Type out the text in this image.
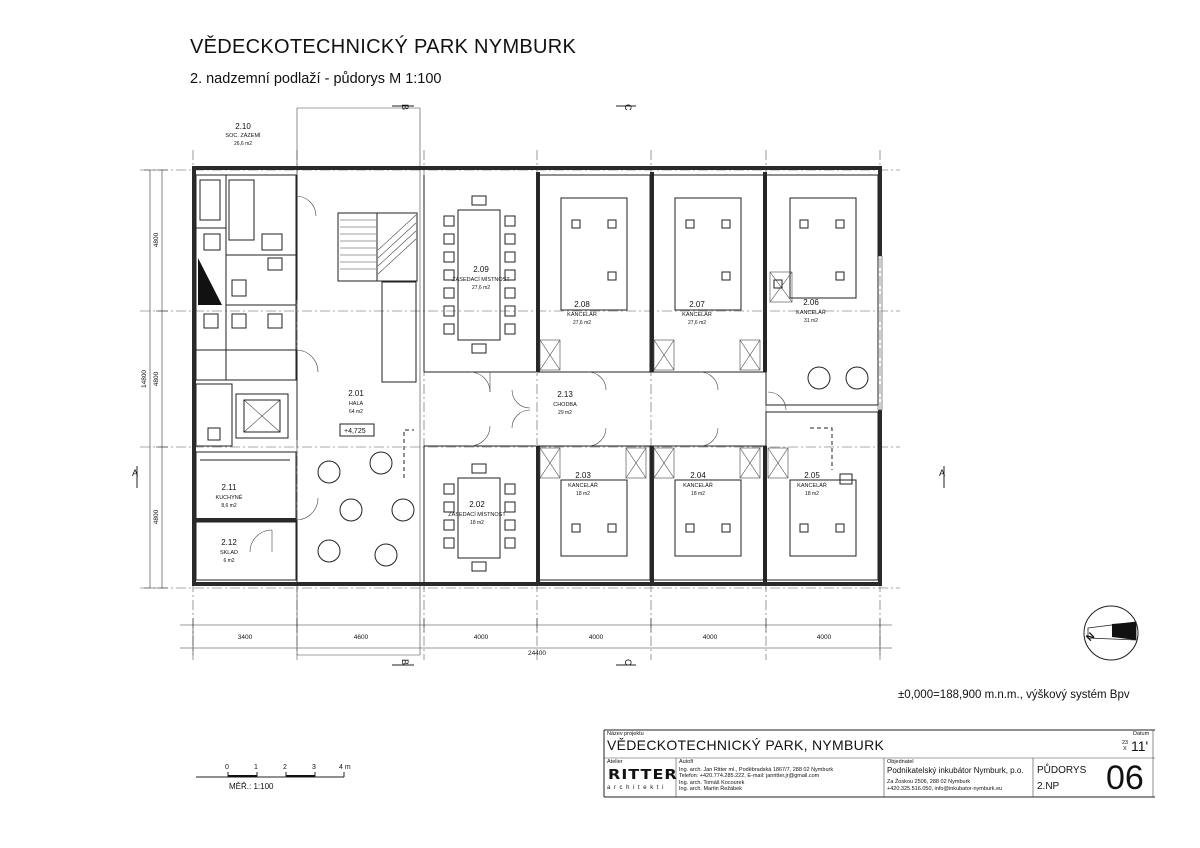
+4,725
2.10
SOC. ZÁZEMÍ
26,6 m2
2.09
ZASEDACÍ MÍSTNOST
27,6 m2
2.08
KANCELÁŘ
27,6 m2
2.07
KANCELÁŘ
27,6 m2
2.06
KANCELÁŘ
31 m2
2.01
HALA
64 m2
2.13
CHODBA
29 m2
2.11
KUCHYNĚ
8,6 m2	2.02
ZASEDACÍ MÍSTNOST
18 m2
2.03
KANCELÁŘ
18 m2
2.04
KANCELÁŘ
18 m2
2.05
KANCELÁŘ
18 m2
2.12
SKLAD
6 m2
3400	4600	4000	4000	4000	4000
24400
4800
4800
4800
14800
A	A
B
B
C
C
N
VĚDECKOTECHNICKÝ PARK NYMBURK
2. nadzemní podlaží - půdorys M 1:100
±0,000=188,900 m.n.m., výškový systém Bpv
0	1	2	3	4 m
MĚŘ.: 1:100
Název projektu
VĚDECKOTECHNICKÝ PARK, NYMBURK
Datum
23
X 11'
Atelier	Autoři	Objednatel
RITTER
architekti
Ing. arch. Jan Ritter ml., Poděbradská 1867/7, 288 02 Nymburk
Telefon: +420.774.285.222, E-mail: janritter.jr@gmail.com
Ing. arch. Tomáš Kocourek
Ing. arch. Martin Řežábek
Podnikatelský inkubátor Nymburk, p.o.
Za Žoskou 2506, 288 02 Nymburk
+420.325.516.050, info@inkubator-nymburk.eu
PŮDORYS
2.NP 06
